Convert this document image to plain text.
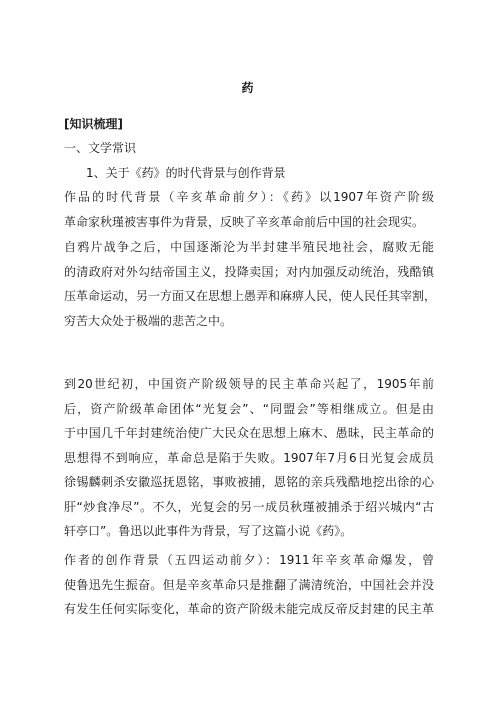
药
[知识梳理]
一、文学常识
1、关于《药》的时代背景与创作背景
作品的时代背景（辛亥革命前夕）：《药》以1907年资产阶级
革命家秋瑾被害事件为背景，反映了辛亥革命前后中国的社会现实。
自鸦片战争之后，中国逐渐沦为半封建半殖民地社会，腐败无能
的清政府对外勾结帝国主义，投降卖国；对内加强反动统治，残酷镇
压革命运动，另一方面又在思想上愚弄和麻痹人民，使人民任其宰割，
穷苦大众处于极端的悲苦之中。
到20世纪初，中国资产阶级领导的民主革命兴起了，1905年前
后，资产阶级革命团体“光复会”、“同盟会”等相继成立。但是由
于中国几千年封建统治使广大民众在思想上麻木、愚昧，民主革命的
思想得不到响应，革命总是陷于失败。1907年7月6日光复会成员
徐锡麟刺杀安徽巡抚恩铭，事败被捕，恩铭的亲兵残酷地挖出徐的心
肝“炒食净尽”。不久，光复会的另一成员秋瑾被捕杀于绍兴城内“古
轩亭口”。鲁迅以此事件为背景，写了这篇小说《药》。
作者的创作背景（五四运动前夕）：1911年辛亥革命爆发，曾
使鲁迅先生振奋。但是辛亥革命只是推翻了满清统治，中国社会并没
有发生任何实际变化，革命的资产阶级未能完成反帝反封建的民主革
